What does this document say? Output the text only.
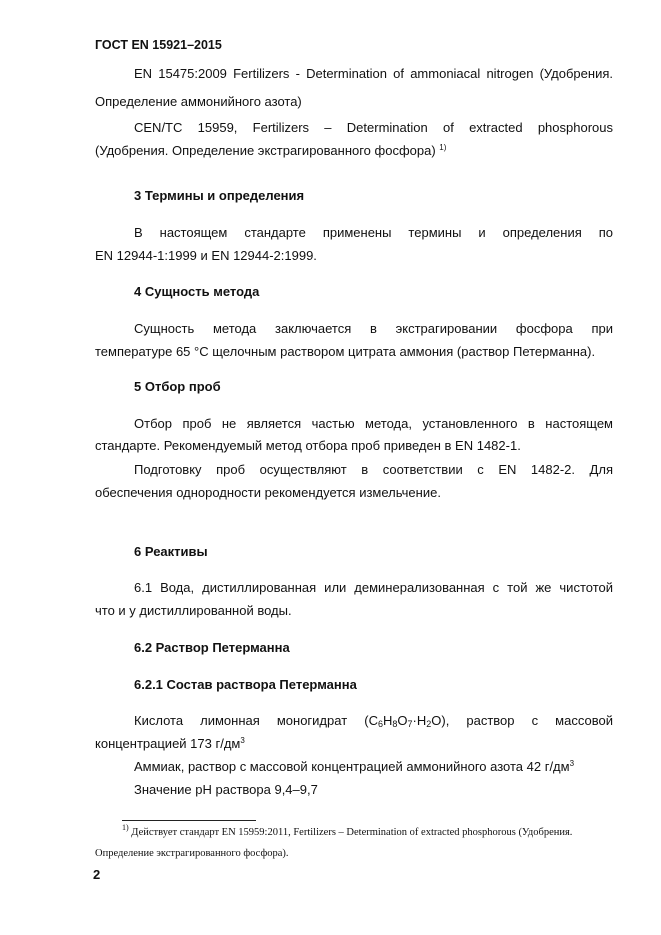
ГОСТ EN 15921–2015
EN 15475:2009 Fertilizers - Determination of ammoniacal nitrogen (Удобрения.
Определение аммонийного азота)
CEN/TC 15959, Fertilizers – Determination of extracted phosphorous
(Удобрения. Определение экстрагированного фосфора) $^{1)}$
3 Термины и определения
В настоящем стандарте применены термины и определения по
EN 12944-1:1999 и EN 12944-2:1999.
4 Сущность метода
Сущность метода заключается в экстрагировании фосфора при
температуре 65 °С щелочным раствором цитрата аммония (раствор Петерманна).
5 Отбор проб
Отбор проб не является частью метода, установленного в настоящем
стандарте. Рекомендуемый метод отбора проб приведен в EN 1482-1.
Подготовку проб осуществляют в соответствии с EN 1482-2. Для
обеспечения однородности рекомендуется измельчение.
6 Реактивы
6.1 Вода, дистиллированная или деминерализованная с той же чистотой
что и у дистиллированной воды.
6.2 Раствор Петерманна
6.2.1 Состав раствора Петерманна
Кислота лимонная моногидрат $(C_6H_8O_7\cdot H_2O)$, раствор с массовой
концентрацией 173 $г/дм^3$
Аммиак, раствор с массовой концентрацией аммонийного азота 42 $г/дм^3$
Значение рН раствора 9,4–9,7
$^{1)}$ Действует стандарт EN 15959:2011, Fertilizers – Determination of extracted phosphorous (Удобрения.
Определение экстрагированного фосфора).
2
